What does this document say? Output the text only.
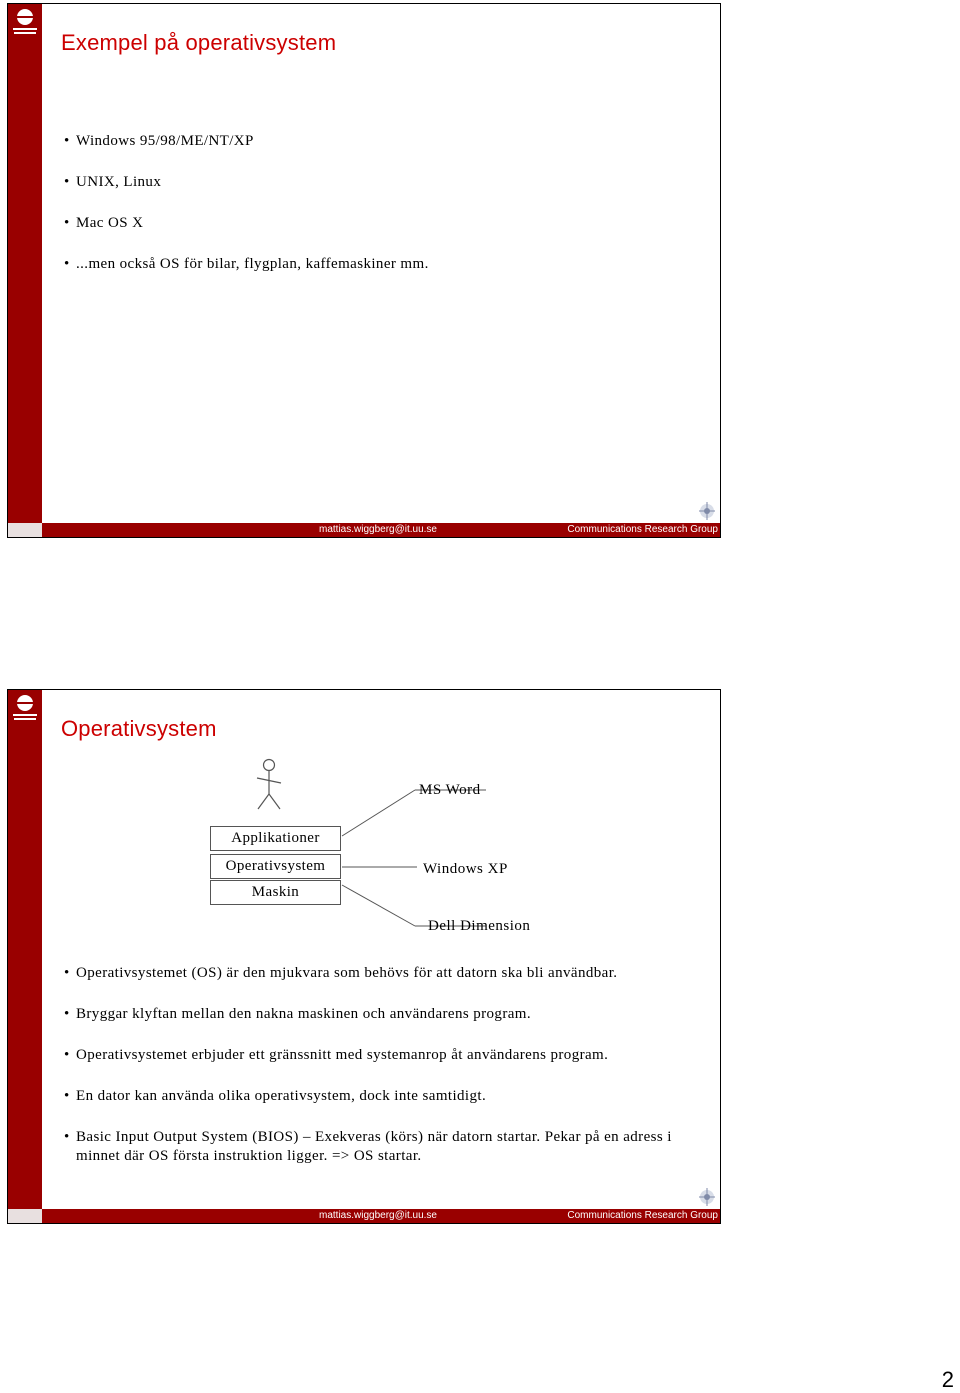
Exempel på operativsystem
• Windows 95/98/ME/NT/XP
• UNIX, Linux
• Mac OS X
• ...men också OS för bilar, flygplan, kaffemaskiner mm.
mattias.wiggberg@it.uu.se	Communications Research Group
Operativsystem
Applikationer
Operativsystem
Maskin
MS Word
Windows XP
Dell Dimension
• Operativsystemet (OS) är den mjukvara som behövs för att datorn ska bli användbar.
• Bryggar klyftan mellan den nakna maskinen och användarens program.
• Operativsystemet erbjuder ett gränssnitt med systemanrop åt användarens program.
• En dator kan använda olika operativsystem, dock inte samtidigt.
• Basic Input Output System (BIOS) – Exekveras (körs) när datorn startar. Pekar på en adress i minnet där OS första instruktion ligger. => OS startar.
mattias.wiggberg@it.uu.se	Communications Research Group
2
